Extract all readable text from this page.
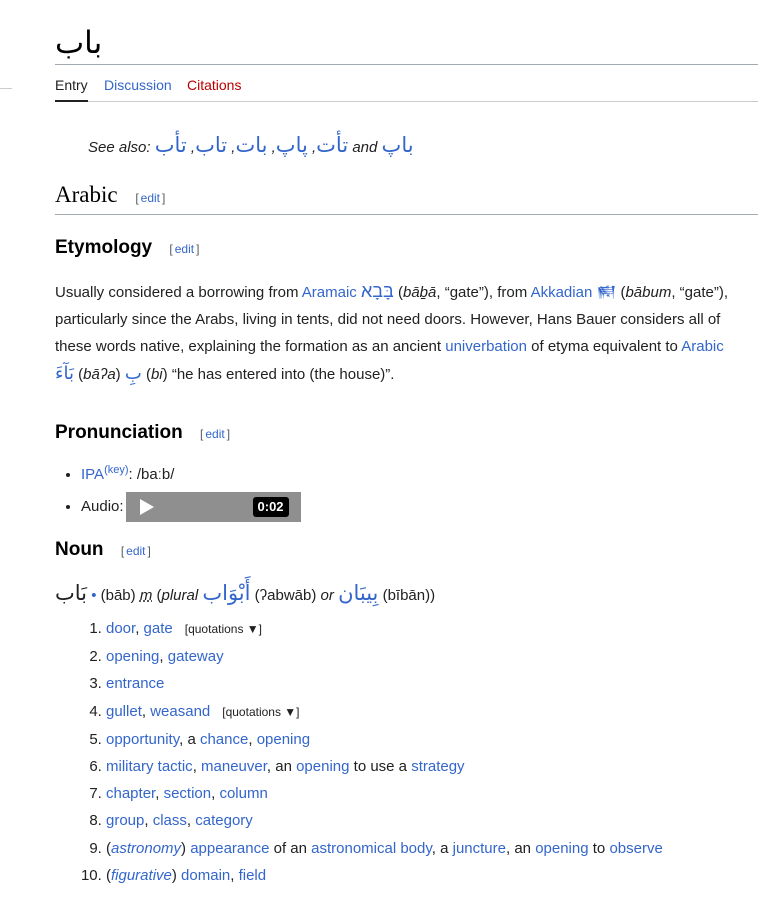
باب
Entry Discussion Citations
See also:	تأت, پاپ, بات, تاب, تأب	and باپ
Arabic [ edit ]
Etymology [ edit ]
Usually considered a borrowing from Aramaic בָּבָא (bāḇā, “gate”), from Akkadian 𒆍 (bābum, “gate”), particularly since the Arabs, living in tents, did not need doors. However, Hans Bauer considers all of these words native, explaining the formation as an ancient univerbation of etyma equivalent to Arabic بَآءَ (bāʔa) بِ (bi) “he has entered into (the house)”.
Pronunciation [ edit ]
• $IPA^{(key)}$: /baːb/
• Audio:	0:02
Noun [ edit ]
بَاب • (bāb) m (plural أَبْوَاب (ʔabwāb) or بِيبَان (bībān))
1. door, gate [quotations ▼]
2. opening, gateway
3. entrance
4. gullet, weasand [quotations ▼]
5. opportunity, a chance, opening
6. military tactic, maneuver, an opening to use a strategy
7. chapter, section, column
8. group, class, category
9. (astronomy) appearance of an astronomical body, a juncture, an opening to observe
10. (figurative) domain, field
